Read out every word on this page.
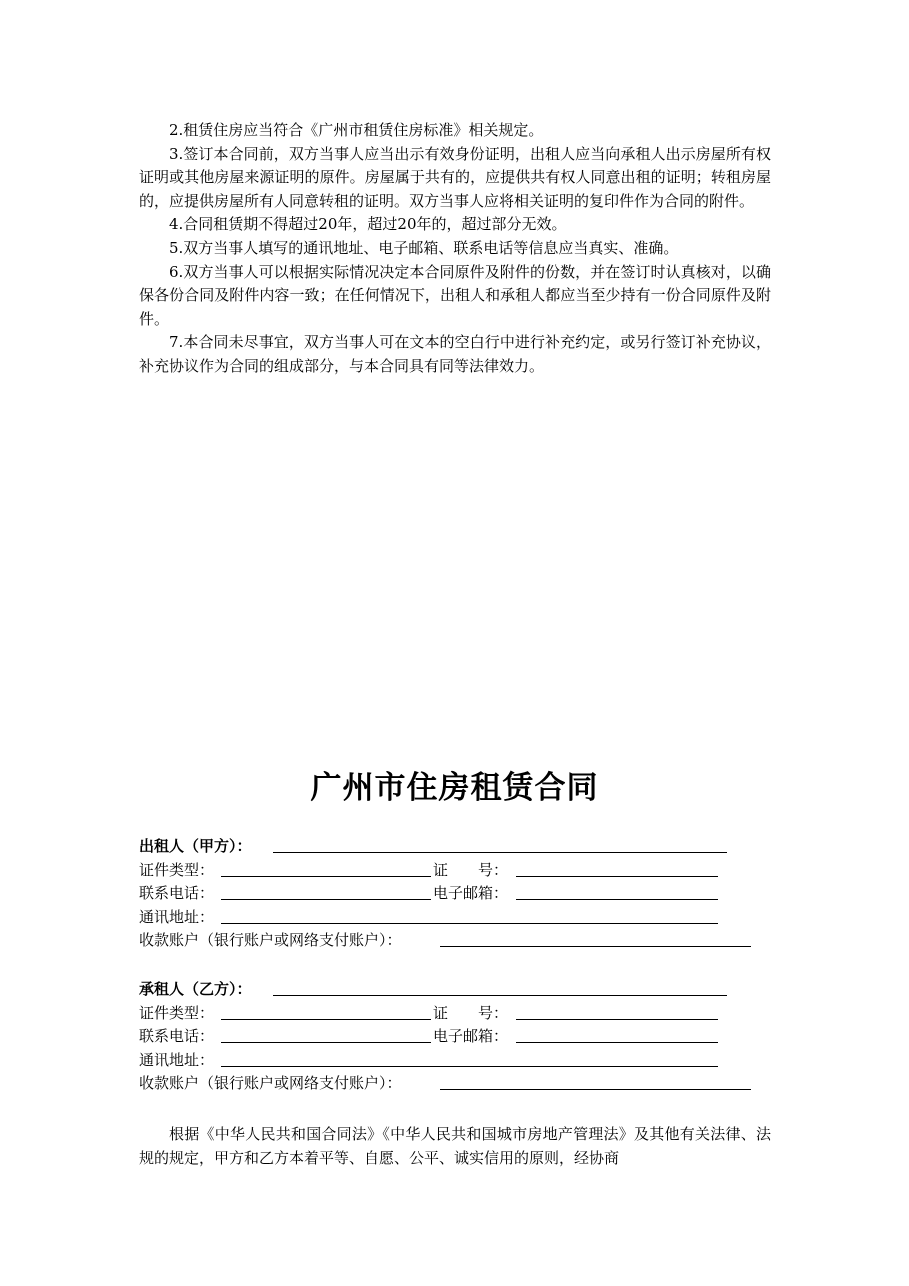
2.租赁住房应当符合《广州市租赁住房标准》相关规定。

3.签订本合同前，双方当事人应当出示有效身份证明，出租人应当向承租人出示房屋所有权证明或其他房屋来源证明的原件。房屋属于共有的，应提供共有权人同意出租的证明；转租房屋的，应提供房屋所有人同意转租的证明。双方当事人应将相关证明的复印件作为合同的附件。

4.合同租赁期不得超过20年，超过20年的，超过部分无效。

5.双方当事人填写的通讯地址、电子邮箱、联系电话等信息应当真实、准确。

6.双方当事人可以根据实际情况决定本合同原件及附件的份数，并在签订时认真核对，以确保各份合同及附件内容一致；在任何情况下，出租人和承租人都应当至少持有一份合同原件及附件。

7.本合同未尽事宜，双方当事人可在文本的空白行中进行补充约定，或另行签订补充协议，补充协议作为合同的组成部分，与本合同具有同等法律效力。

广州市住房租赁合同
出租人（甲方）：
证件类型：	证　　号：
联系电话：	电子邮箱：
通讯地址：
收款账户（银行账户或网络支付账户）：
承租人（乙方）：
证件类型：	证　　号：
联系电话：	电子邮箱：
通讯地址：
收款账户（银行账户或网络支付账户）：

根据《中华人民共和国合同法》《中华人民共和国城市房地产管理法》及其他有关法律、法规的规定，甲方和乙方本着平等、自愿、公平、诚实信用的原则，经协商
